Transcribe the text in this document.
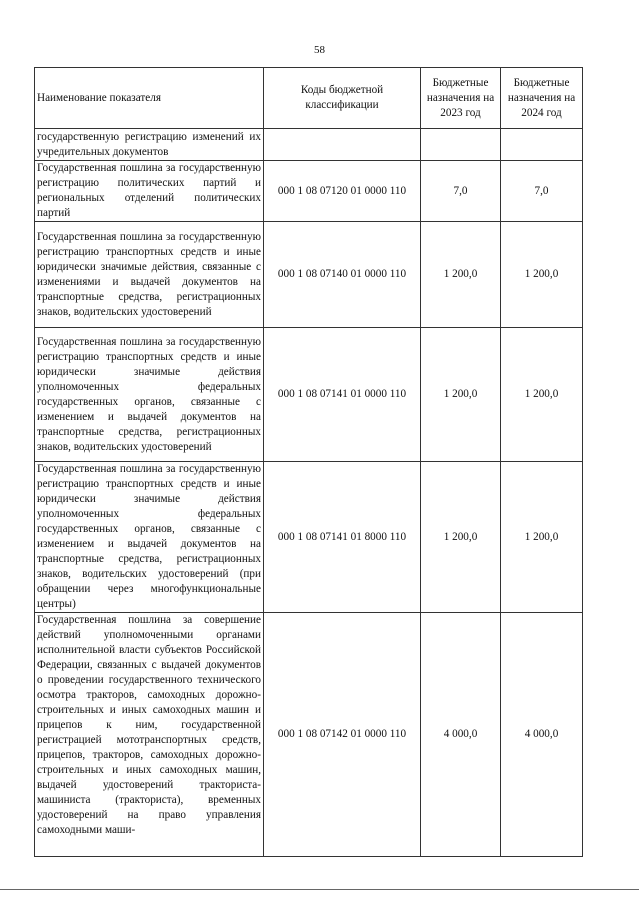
58
Наименование показателя	Коды бюджетной классификации	Бюджетные назначения на 2023 год	Бюджетные назначения на 2024 год
государственную регистрацию изменений их учредительных документов			
Государственная пошлина за государственную регистрацию политических партий и региональных отделений политических партий	000 1 08 07120 01 0000 110	7,0	7,0
Государственная пошлина за государственную регистрацию транспортных средств и иные юридически значимые действия, связанные с изменениями и выдачей документов на транспортные средства, регистрационных знаков, водительских удостоверений	000 1 08 07140 01 0000 110	1 200,0	1 200,0
Государственная пошлина за государственную регистрацию транспортных средств и иные юридически значимые действия уполномоченных федеральных государственных органов, связанные с изменением и выдачей документов на транспортные средства, регистрационных знаков, водительских удостоверений	000 1 08 07141 01 0000 110	1 200,0	1 200,0
Государственная пошлина за государственную регистрацию транспортных средств и иные юридически значимые действия уполномоченных федеральных государственных органов, связанные с изменением и выдачей документов на транспортные средства, регистрационных знаков, водительских удостоверений (при обращении через многофункциональные центры)	000 1 08 07141 01 8000 110	1 200,0	1 200,0
Государственная пошлина за совершение действий уполномоченными органами исполнительной власти субъектов Российской Федерации, связанных с выдачей документов о проведении государственного технического осмотра тракторов, самоходных дорожно-строительных и иных самоходных машин и прицепов к ним, государственной регистрацией мототранспортных средств, прицепов, тракторов, самоходных дорожно-строительных и иных самоходных машин, выдачей удостоверений тракториста-машиниста (тракториста), временных удостоверений на право управления самоходными маши-	000 1 08 07142 01 0000 110	4 000,0	4 000,0
